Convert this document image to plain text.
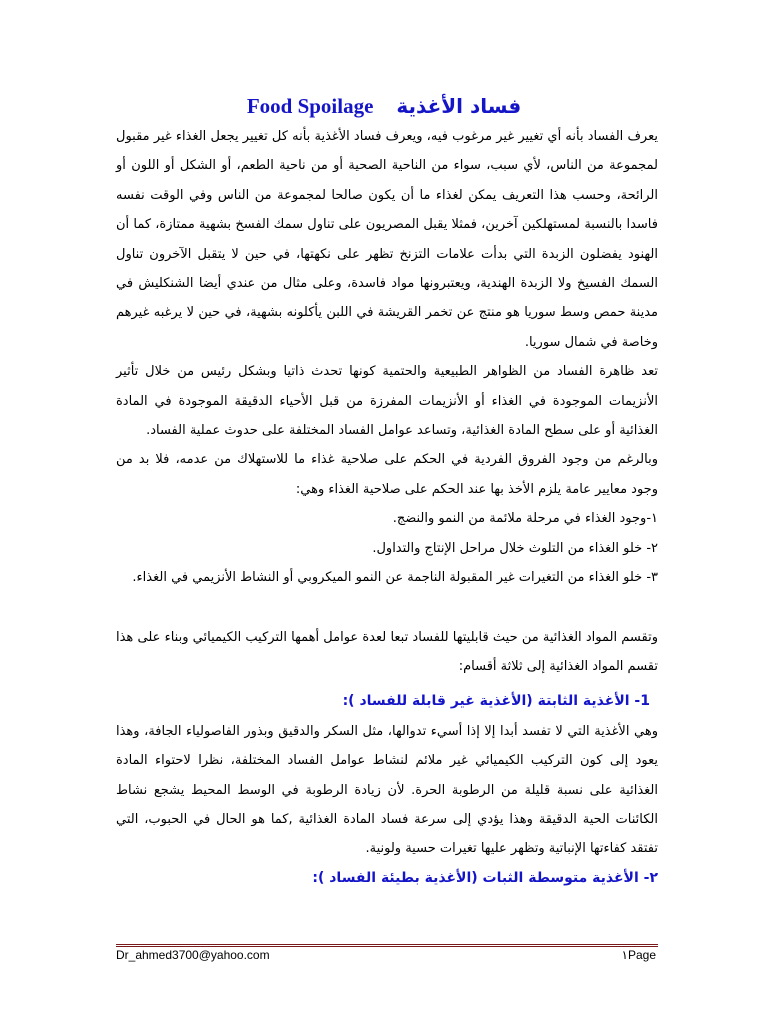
Food Spoilage فساد الأغذية

يعرف الفساد بأنه أي تغيير غير مرغوب فيه، ويعرف فساد الأغذية بأنه كل تغيير يجعل الغذاء غير مقبول لمجموعة من الناس، لأي سبب، سواء من الناحية الصحية أو من ناحية الطعم، أو الشكل أو اللون أو الرائحة، وحسب هذا التعريف يمكن لغذاء ما أن يكون صالحا لمجموعة من الناس وفي الوقت نفسه فاسدا بالنسبة لمستهلكين آخرين، فمثلا يقبل المصريون على تناول سمك الفسخ بشهية ممتازة، كما أن الهنود يفضلون الزبدة التي بدأت علامات التزنخ تظهر على نكهتها، في حين لا يتقبل الآخرون تناول السمك الفسيخ ولا الزبدة الهندية، ويعتبرونها مواد فاسدة، وعلى مثال من عندي أيضا الشنكليش في مدينة حمص وسط سوريا هو منتج عن تخمر القريشة في اللبن يأكلونه بشهية، في حين لا يرغبه غيرهم وخاصة في شمال سوريا.

تعد ظاهرة الفساد من الظواهر الطبيعية والحتمية كونها تحدث ذاتيا وبشكل رئيس من خلال تأثير الأنزيمات الموجودة في الغذاء أو الأنزيمات المفرزة من قبل الأحياء الدقيقة الموجودة في المادة الغذائية أو على سطح المادة الغذائية، وتساعد عوامل الفساد المختلفة على حدوث عملية الفساد.

وبالرغم من وجود الفروق الفردية في الحكم على صلاحية غذاء ما للاستهلاك من عدمه، فلا بد من وجود معايير عامة يلزم الأخذ بها عند الحكم على صلاحية الغذاء وهي:

١-وجود الغذاء في مرحلة ملائمة من النمو والنضج.

٢- خلو الغذاء من التلوث خلال مراحل الإنتاج والتداول.

٣- خلو الغذاء من التغيرات غير المقبولة الناجمة عن النمو الميكروبي أو النشاط الأنزيمي في الغذاء.

وتقسم المواد الغذائية من حيث قابليتها للفساد تبعا لعدة عوامل أهمها التركيب الكيميائي وبناء على هذا تقسم المواد الغذائية إلى ثلاثة أقسام:

1- الأغذية الثابتة (الأغذية غير قابلة للفساد ):

وهي الأغذية التي لا تفسد أبدا إلا إذا أسيء تدوالها، مثل السكر والدقيق وبذور الفاصولياء الجافة، وهذا يعود إلى كون التركيب الكيميائي غير ملائم لنشاط عوامل الفساد المختلفة، نظرا لاحتواء المادة الغذائية على نسبة قليلة من الرطوبة الحرة. لأن زيادة الرطوبة في الوسط المحيط يشجع نشاط الكائنات الحية الدقيقة وهذا يؤدي إلى سرعة فساد المادة الغذائية ,كما هو الحال في الحبوب، التي تفتقد كفاءتها الإنباتية وتظهر عليها تغيرات حسية ولونية.

٢- الأغذية متوسطة الثبات (الأغذية بطيئة الفساد ):

Dr_ahmed3700@yahoo.com	١Page
